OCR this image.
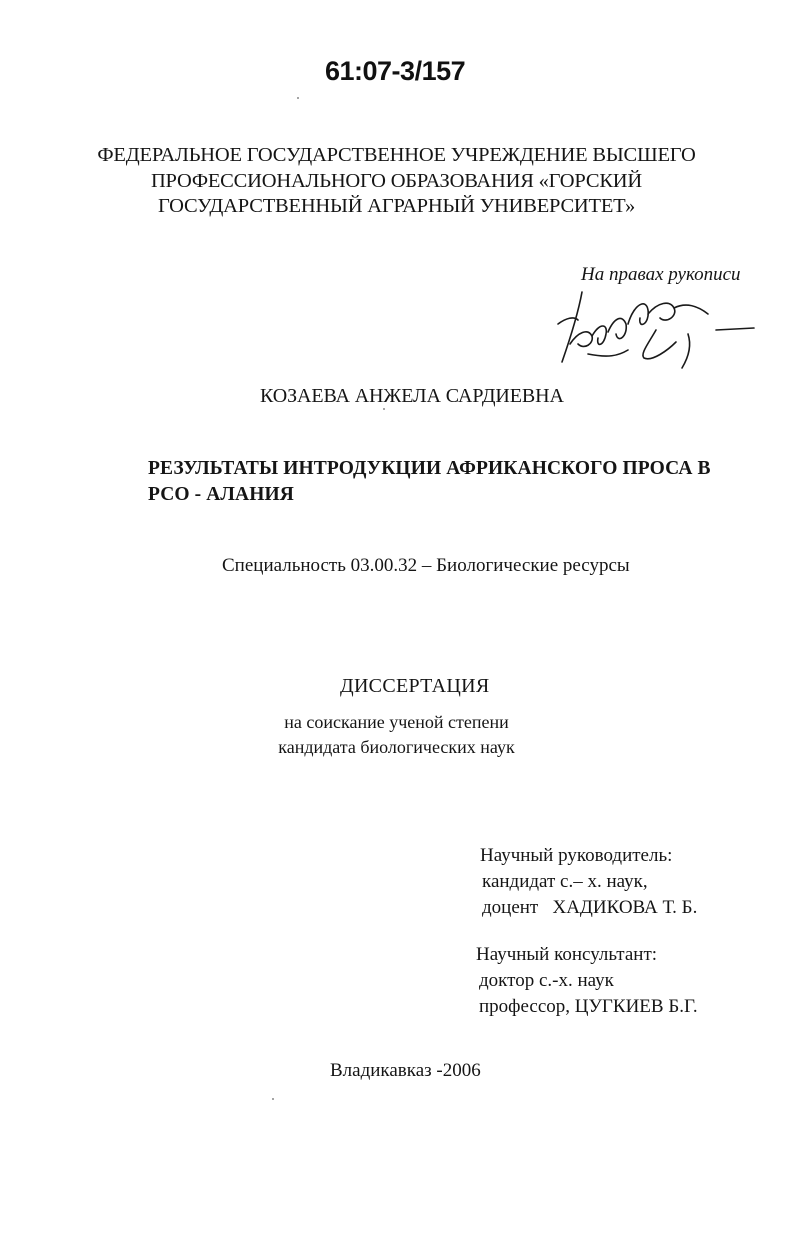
61:07-3/157
ФЕДЕРАЛЬНОЕ ГОСУДАРСТВЕННОЕ УЧРЕЖДЕНИЕ ВЫСШЕГО
ПРОФЕССИОНАЛЬНОГО ОБРАЗОВАНИЯ «ГОРСКИЙ
ГОСУДАРСТВЕННЫЙ АГРАРНЫЙ УНИВЕРСИТЕТ»
На правах рукописи
КОЗАЕВА АНЖЕЛА САРДИЕВНА
РЕЗУЛЬТАТЫ ИНТРОДУКЦИИ АФРИКАНСКОГО ПРОСА В
РСО - АЛАНИЯ
Специальность 03.00.32 – Биологические ресурсы
ДИССЕРТАЦИЯ
на соискание ученой степени
кандидата биологических наук
Научный руководитель:
кандидат с.– х. наук,
доцент   ХАДИКОВА Т. Б.
Научный консультант:
доктор с.-х. наук
профессор, ЦУГКИЕВ Б.Г.
Владикавказ -2006
